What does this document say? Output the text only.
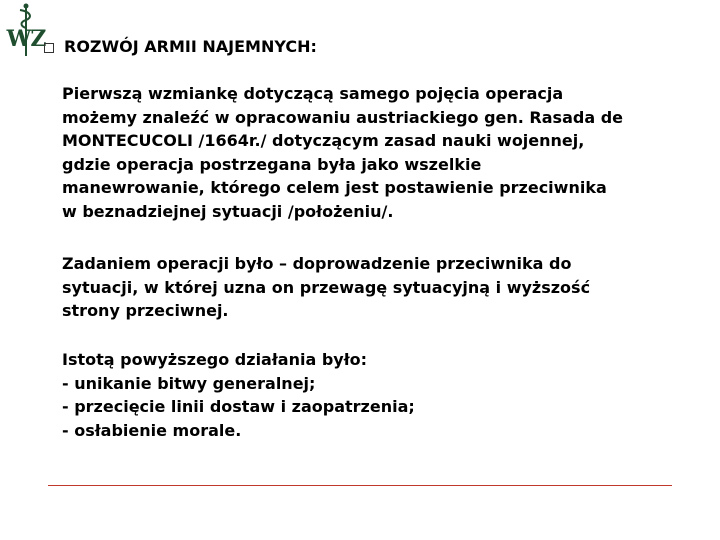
WZ ROZWÓJ ARMII NAJEMNYCH:
Pierwszą wzmiankę dotyczącą samego pojęcia operacja
możemy znaleźć w opracowaniu austriackiego gen. Rasada de
MONTECUCOLI /1664r./ dotyczącym zasad nauki wojennej,
gdzie operacja postrzegana była jako wszelkie
manewrowanie, którego celem jest postawienie przeciwnika
w beznadziejnej sytuacji /położeniu/.
Zadaniem operacji było – doprowadzenie przeciwnika do
sytuacji, w której uzna on przewagę sytuacyjną i wyższość
strony przeciwnej.
Istotą powyższego działania było:
- unikanie bitwy generalnej;
- przecięcie linii dostaw i zaopatrzenia;
- osłabienie morale.
